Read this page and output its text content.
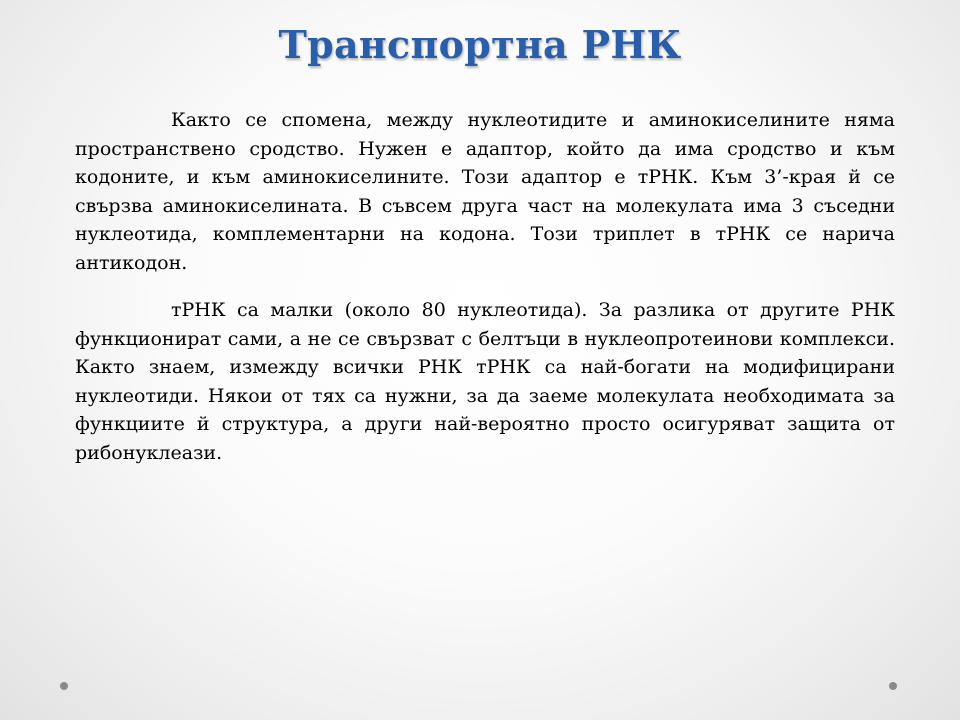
Транспортна РНК

Както се спомена, между нуклеотидите и аминокиселините няма пространствено сродство. Нужен е адаптор, който да има сродство и към кодоните, и към аминокиселините. Този адаптор е тРНК. Към 3’-края й се свързва аминокиселината. В съвсем друга част на молекулата има 3 съседни нуклеотида, комплементарни на кодона. Този триплет в тРНК се нарича антикодон.

тРНК са малки (около 80 нуклеотида). За разлика от другите РНК функционират сами, а не се свързват с белтъци в нуклеопротеинови комплекси. Както знаем, измежду всички РНК тРНК са най-богати на модифицирани нуклеотиди. Някои от тях са нужни, за да заеме молекулата необходимата за функциите й структура, а други най-вероятно просто осигуряват защита от рибонуклеази.
